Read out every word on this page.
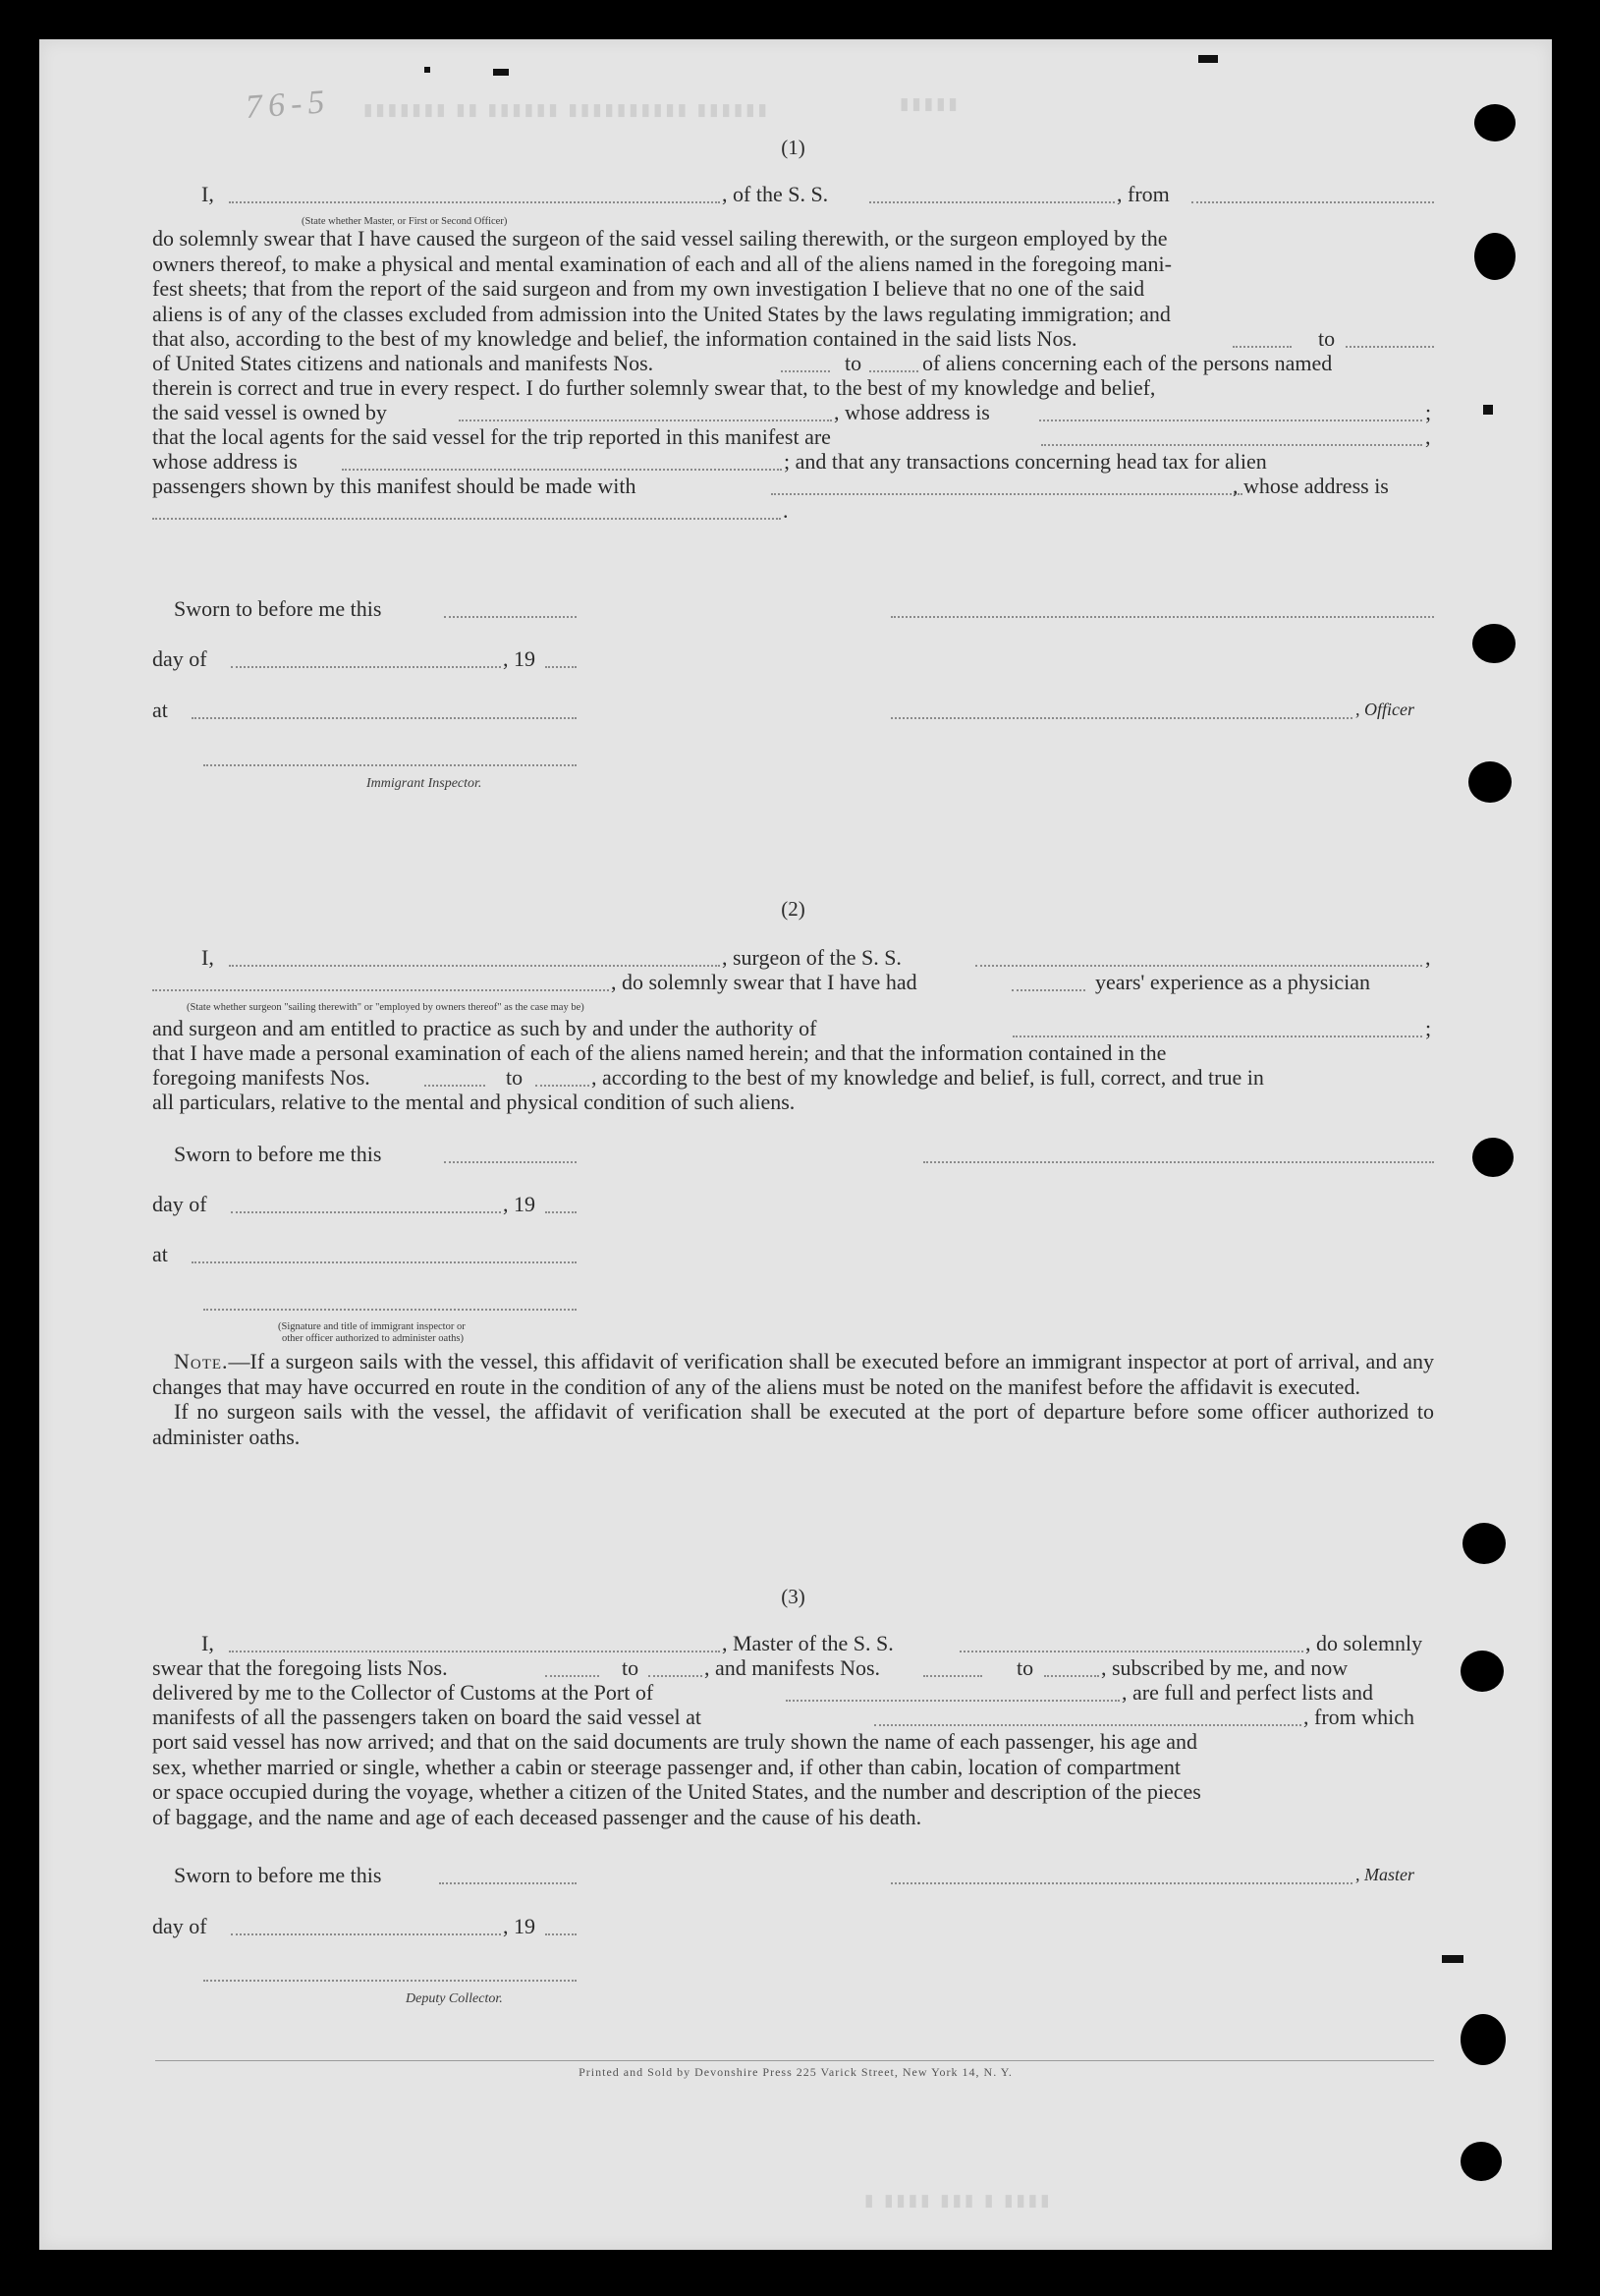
76-5 ▮▮▮▮▮▮▮ ▮▮ ▮▮▮▮▮▮ ▮▮▮▮▮▮▮▮▮▮ ▮▮▮▮▮▮	▮▮▮▮▮
(1)
I,	, of the S. S.	, from
(State whether Master, or First or Second Officer)

do solemnly swear that I have caused the surgeon of the said vessel sailing therewith, or the surgeon employed by the

owners thereof, to make a physical and mental examination of each and all of the aliens named in the foregoing mani-

fest sheets; that from the report of the said surgeon and from my own investigation I believe that no one of the said

aliens is of any of the classes excluded from admission into the United States by the laws regulating immigration; and

that also, according to the best of my knowledge and belief, the information contained in the said lists Nos.	to
of United States citizens and nationals and manifests Nos.	to	of aliens concerning each of the persons named
therein is correct and true in every respect. I do further solemnly swear that, to the best of my knowledge and belief,
the said vessel is owned by	, whose address is	;
that the local agents for the said vessel for the trip reported in this manifest are	,
whose address is	; and that any transactions concerning head tax for alien
passengers shown by this manifest should be made with	, whose address is
.
Sworn to before me this
day of	, 19
at	, Officer
Immigrant Inspector.
(2)
I,	, surgeon of the S. S.	,
, do solemnly swear that I have had	years' experience as a physician
(State whether surgeon "sailing therewith" or "employed by owners thereof" as the case may be)
and surgeon and am entitled to practice as such by and under the authority of	;
that I have made a personal examination of each of the aliens named herein; and that the information contained in the
foregoing manifests Nos.	to	, according to the best of my knowledge and belief, is full, correct, and true in
all particulars, relative to the mental and physical condition of such aliens.
Sworn to before me this
day of	, 19
at
(Signature and title of immigrant inspector or
other officer authorized to administer oaths)

Note.—If a surgeon sails with the vessel, this affidavit of verification shall be executed before an immigrant inspector at port of arrival, and any changes that may have occurred en route in the condition of any of the aliens must be noted on the manifest before the affidavit is executed.

If no surgeon sails with the vessel, the affidavit of verification shall be executed at the port of departure before some officer authorized to administer oaths.

(3)
I,	, Master of the S. S.	, do solemnly
swear that the foregoing lists Nos.	to	, and manifests Nos.	to	, subscribed by me, and now
delivered by me to the Collector of Customs at the Port of	, are full and perfect lists and
manifests of all the passengers taken on board the said vessel at	, from which

port said vessel has now arrived; and that on the said documents are truly shown the name of each passenger, his age and

sex, whether married or single, whether a cabin or steerage passenger and, if other than cabin, location of compartment

or space occupied during the voyage, whether a citizen of the United States, and the number and description of the pieces

of baggage, and the name and age of each deceased passenger and the cause of his death.

Sworn to before me this	, Master
day of	, 19
Deputy Collector.
Printed and Sold by Devonshire Press 225 Varick Street, New York 14, N. Y.
▮ ▮▮▮▮ ▮▮▮ ▮ ▮▮▮▮
